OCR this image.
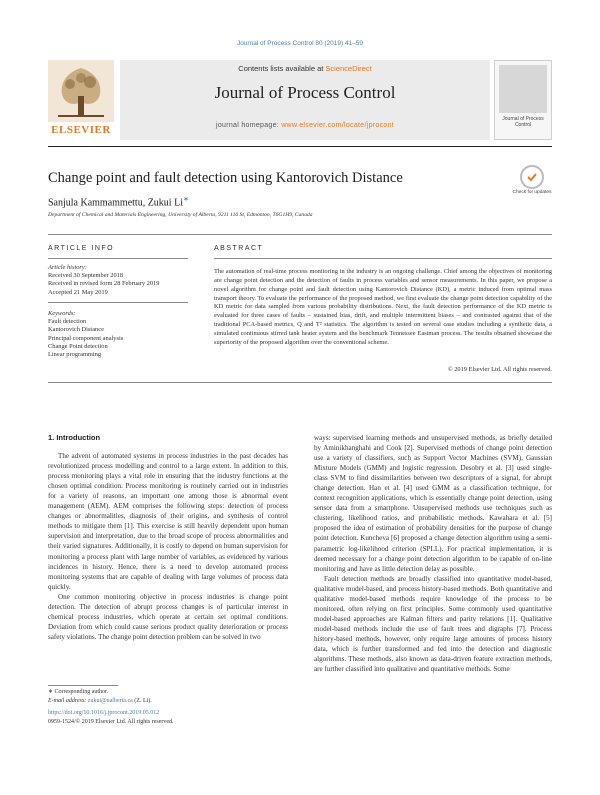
Journal of Process Control 80 (2019) 41–59
ELSEVIER
Contents lists available at ScienceDirect
Journal of Process Control
journal homepage: www.elsevier.com/locate/jprocont
Journal of Process Control
Change point and fault detection using Kantorovich Distance
Check for updates
Sanjula Kammammettu, Zukui Li∗
Department of Chemical and Materials Engineering, University of Alberta, 9211 116 St, Edmonton, T6G1H9, Canada
ARTICLE INFO	ABSTRACT
Article history:
Received 30 September 2018
Received in revised form 28 February 2019
Accepted 21 May 2019
Keywords:
Fault detection
Kantorovich Distance
Principal component analysis
Change Point detection
Linear programming
The automation of real-time process monitoring in the industry is an ongoing challenge. Chief among the objectives of monitoring are change point detection and the detection of faults in process variables and sensor measurements. In this paper, we propose a novel algorithm for change point and fault detection using Kantorovich Distance (KD), a metric induced from optimal mass transport theory. To evaluate the performance of the proposed method, we first evaluate the change point detection capability of the KD metric for data sampled from various probability distributions. Next, the fault detection performance of the KD metric is evaluated for three cases of faults – sustained bias, drift, and multiple intermittent biases – and contrasted against that of the traditional PCA-based metrics, Q and T² statistics. The algorithm is tested on several case studies including a synthetic data, a simulated continuous stirred tank heater system and the benchmark Tennessee Eastman process. The results obtained showcase the superiority of the proposed algorithm over the conventional scheme.
© 2019 Elsevier Ltd. All rights reserved.
1. Introduction

The advent of automated systems in process industries in the past decades has revolutionized process modelling and control to a large extent. In addition to this, process monitoring plays a vital role in ensuring that the industry functions at the chosen optimal condition. Process monitoring is routinely carried out in industries for a variety of reasons, an important one among those is abnormal event management (AEM). AEM comprises the following steps: detection of process changes or abnormalities, diagnosis of their origins, and synthesis of control methods to mitigate them [1]. This exercise is still heavily dependent upon human supervision and interpretation, due to the broad scope of process abnormalities and their varied signatures. Additionally, it is costly to depend on human supervision for monitoring a process plant with large number of variables, as evidenced by various incidences in history. Hence, there is a need to develop automated process monitoring systems that are capable of dealing with large volumes of process data quickly.

One common monitoring objective in process industries is change point detection. The detection of abrupt process changes is of particular interest in chemical process industries, which operate at certain set optimal conditions. Deviation from which could cause serious product quality deterioration or process safety violations. The change point detection problem can be solved in two

ways: supervised learning methods and unsupervised methods, as briefly detailed by Aminikhanghahi and Cook [2]. Supervised methods of change point detection use a variety of classifiers, such as Support Vector Machines (SVM), Gaussian Mixture Models (GMM) and logistic regression. Desobry et al. [3] used single-class SVM to find dissimilarities between two descriptors of a signal, for abrupt change detection. Han et al. [4] used GMM as a classification technique, for context recognition applications, which is essentially change point detection, using sensor data from a smartphone. Unsupervised methods use techniques such as clustering, likelihood ratios, and probabilistic methods. Kawahara et al. [5] proposed the idea of estimation of probability densities for the purpose of change point detection. Kuncheva [6] proposed a change detection algorithm using a semi-parametric log-likelihood criterion (SPLL). For practical implementation, it is deemed necessary for a change point detection algorithm to be capable of on-line monitoring and have as little detection delay as possible.

Fault detection methods are broadly classified into quantitative model-based, qualitative model-based, and process history-based methods. Both quantitative and qualitative model-based methods require knowledge of the process to be monitored, often relying on first principles. Some commonly used quantitative model-based approaches are Kalman filters and parity relations [1]. Qualitative model-based methods include the use of fault trees and digraphs [7]. Process history-based methods, however, only require large amounts of process history data, which is further transformed and fed into the detection and diagnostic algorithms. These methods, also known as data-driven feature extraction methods, are further classified into qualitative and quantitative methods. Some

∗ Corresponding author.
E-mail address: zukui@ualberta.ca (Z. Li).
https://doi.org/10.1016/j.jprocont.2019.05.012
0959-1524/© 2019 Elsevier Ltd. All rights reserved.
